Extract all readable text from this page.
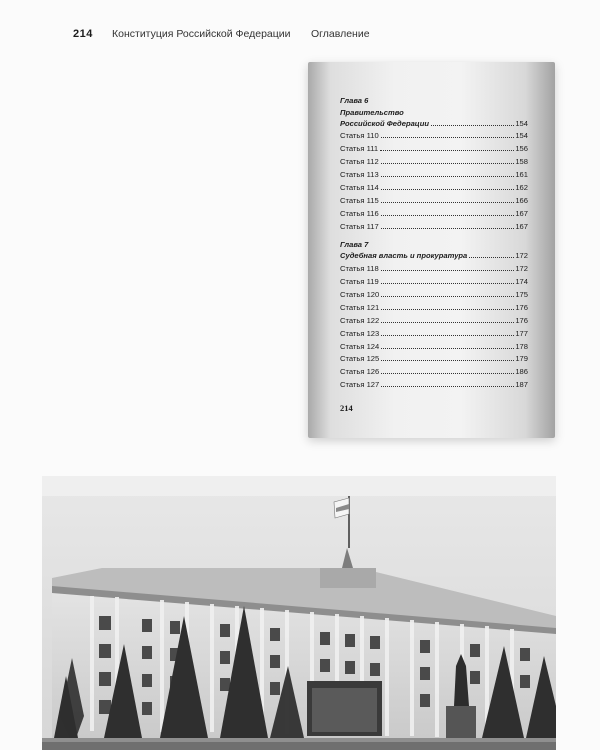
214 Конституция Российской Федерации Оглавление
Глава 6
Правительство
Российской Федерации	154
Статья 110	154
Статья 111	156
Статья 112	158
Статья 113	161
Статья 114	162
Статья 115	166
Статья 116	167
Статья 117	167
Глава 7
Судебная власть и прокуратура	172
Статья 118	172
Статья 119	174
Статья 120	175
Статья 121	176
Статья 122	176
Статья 123	177
Статья 124	178
Статья 125	179
Статья 126	186
Статья 127	187
214
